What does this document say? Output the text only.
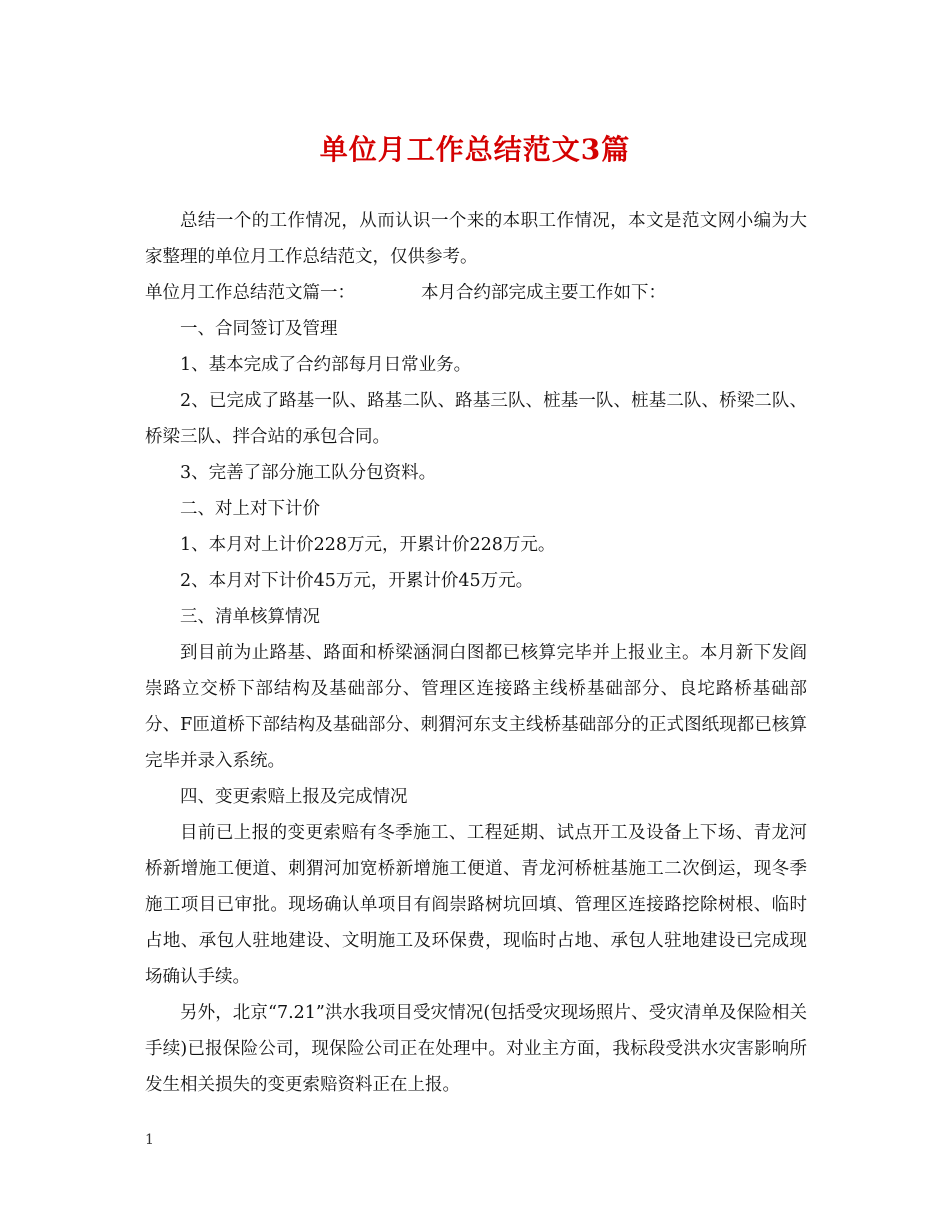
单位月工作总结范文3篇

总结一个的工作情况，从而认识一个来的本职工作情况，本文是范文网小编为大家整理的单位月工作总结范文，仅供参考。

单位月工作总结范文篇一：	本月合约部完成主要工作如下：

一、合同签订及管理

1、基本完成了合约部每月日常业务。

2、已完成了路基一队、路基二队、路基三队、桩基一队、桩基二队、桥梁二队、桥梁三队、拌合站的承包合同。

3、完善了部分施工队分包资料。

二、对上对下计价

1、本月对上计价228万元，开累计价228万元。

2、本月对下计价45万元，开累计价45万元。

三、清单核算情况

到目前为止路基、路面和桥梁涵洞白图都已核算完毕并上报业主。本月新下发阎崇路立交桥下部结构及基础部分、管理区连接路主线桥基础部分、良坨路桥基础部分、F匝道桥下部结构及基础部分、刺猬河东支主线桥基础部分的正式图纸现都已核算完毕并录入系统。

四、变更索赔上报及完成情况

目前已上报的变更索赔有冬季施工、工程延期、试点开工及设备上下场、青龙河桥新增施工便道、刺猬河加宽桥新增施工便道、青龙河桥桩基施工二次倒运，现冬季施工项目已审批。现场确认单项目有阎崇路树坑回填、管理区连接路挖除树根、临时占地、承包人驻地建设、文明施工及环保费，现临时占地、承包人驻地建设已完成现场确认手续。

另外，北京“7.21”洪水我项目受灾情况(包括受灾现场照片、受灾清单及保险相关手续)已报保险公司，现保险公司正在处理中。对业主方面，我标段受洪水灾害影响所发生相关损失的变更索赔资料正在上报。

1
